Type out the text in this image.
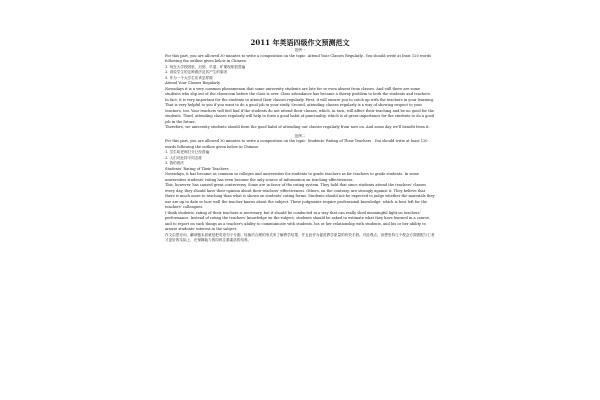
2011 年英语四级作文预测范文
范例一

For this part, you are allowed 30 minutes to write a composition on the topic: Attend Your Classes Regularly.. You should write at least 120 words following the outline given below in Chinese.

1. 现在大学校园里，迟到、早退、旷课现象很普遍

2. 说说学生的这种做法及其产生的原因

3. 作为一个大学生应该怎样做

Attend Your Classes Regularly

Nowadays it is a very common phenomenon that some university students are late for or even absent from classes. And still there are some students who slip out of the classroom before the class is over. Class attendance has become a thorny problem to both the students and teachers.

In fact, it is very important for the students to attend their classes regularly. First, it will ensure you to catch up with the teachers in your learning. That is very helpful to you if you want to do a good job in your study. Second, attending classes regularly is a way of showing respect to your teachers, too. Your teachers will feel bad if the students do not attend their classes, which, in turn, will affect their teaching and be no good for the students. Third, attending classes regularly will help to form a good habit of punctuality, which is of great importance for the students to do a good job in the future.

Therefore, we university students should form the good habit of attending our classes regularly from now on. And some day we'll benefit from it.

范例二

For this part, you are allowed 30 minutes to write a composition on the topic: Students' Rating of Their Teachers . You should write at least 120 words following the outline given below in Chinese.

1. 学生给老师打分已经普遍

2. 人们对此持不同态度

3. 我的看法

Students' Rating of Their Teachers

Nowadays, it has become as common in colleges and universities for students to grade teachers as for teachers to grade students. In some universities students' rating has even become the only source of information on teaching effectiveness.

This, however, has caused great controversy. Some are in favor of the rating system. They hold that since students attend the teachers' classes every day, they should have their opinion about their teachers' effectiveness. Others, on the contrary, are strongly against it. They believe that there is much more to teaching than what is shown on students' rating forms. Students should not be expected to judge whether the materials they use are up to date or how well the teacher knows about the subject. These judgments require professional knowledge, which is best left for the teachers' colleagues.

I think students' rating of their teachers is necessary, but it should be conducted in a way that can really shed meaningful light on teachers' performance. Instead of rating the teachers' knowledge on the subject, students should be asked to estimate what they have learned in a course, and to report on such things as a teacher's ability to communicate with students, his or her relationship with students, and his or her ability to arouse students' interest in the subject.

作文由思亦向，翻译题本质就是把英语句子分割、转换后合理的形式来了解教学结果，并且此作为促进教学质量的有效手段。对此观点，但想坚持几个观念方面需配与仁者才更好的实际上，在保障能力的同时注重素质的培养。
